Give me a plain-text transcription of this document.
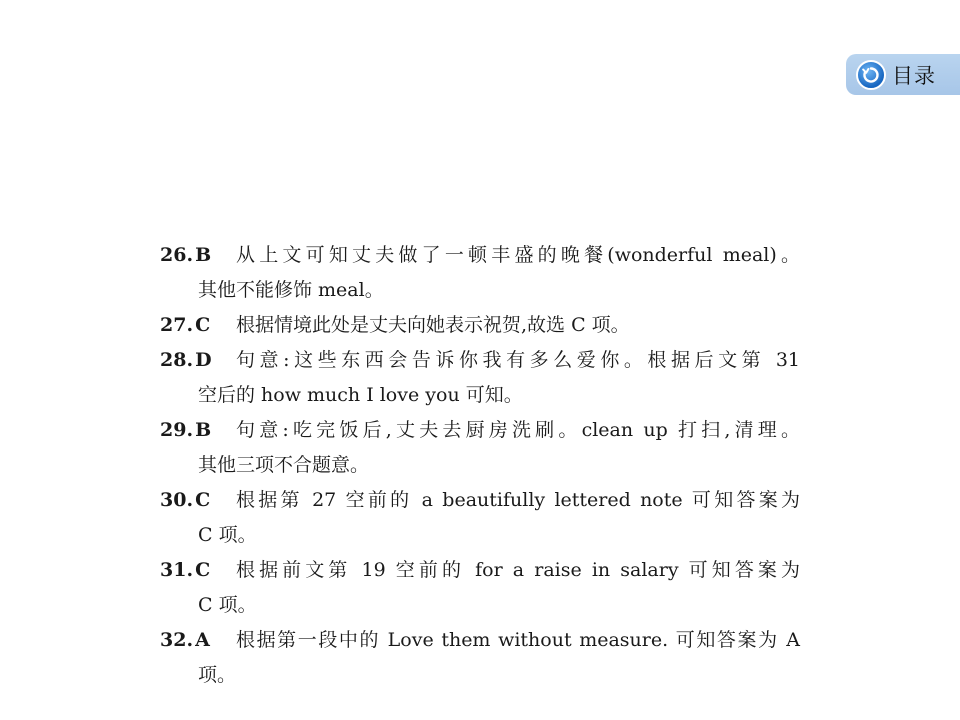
目录
26. B	从上文可知丈夫做了一顿丰盛的晚餐(wonderful meal)。
其他不能修饰 meal。
27. C	根据情境此处是丈夫向她表示祝贺,故选 C 项。
28. D	句意:这些东西会告诉你我有多么爱你。根据后文第 31
空后的 how much I love you 可知。
29. B	句意:吃完饭后,丈夫去厨房洗刷。clean up 打扫,清理。
其他三项不合题意。
30. C	根据第 27 空前的 a beautifully lettered note 可知答案为
C 项。
31. C	根据前文第 19 空前的 for a raise in salary 可知答案为
C 项。
32. A	根据第一段中的 Love them without measure. 可知答案为 A
项。
